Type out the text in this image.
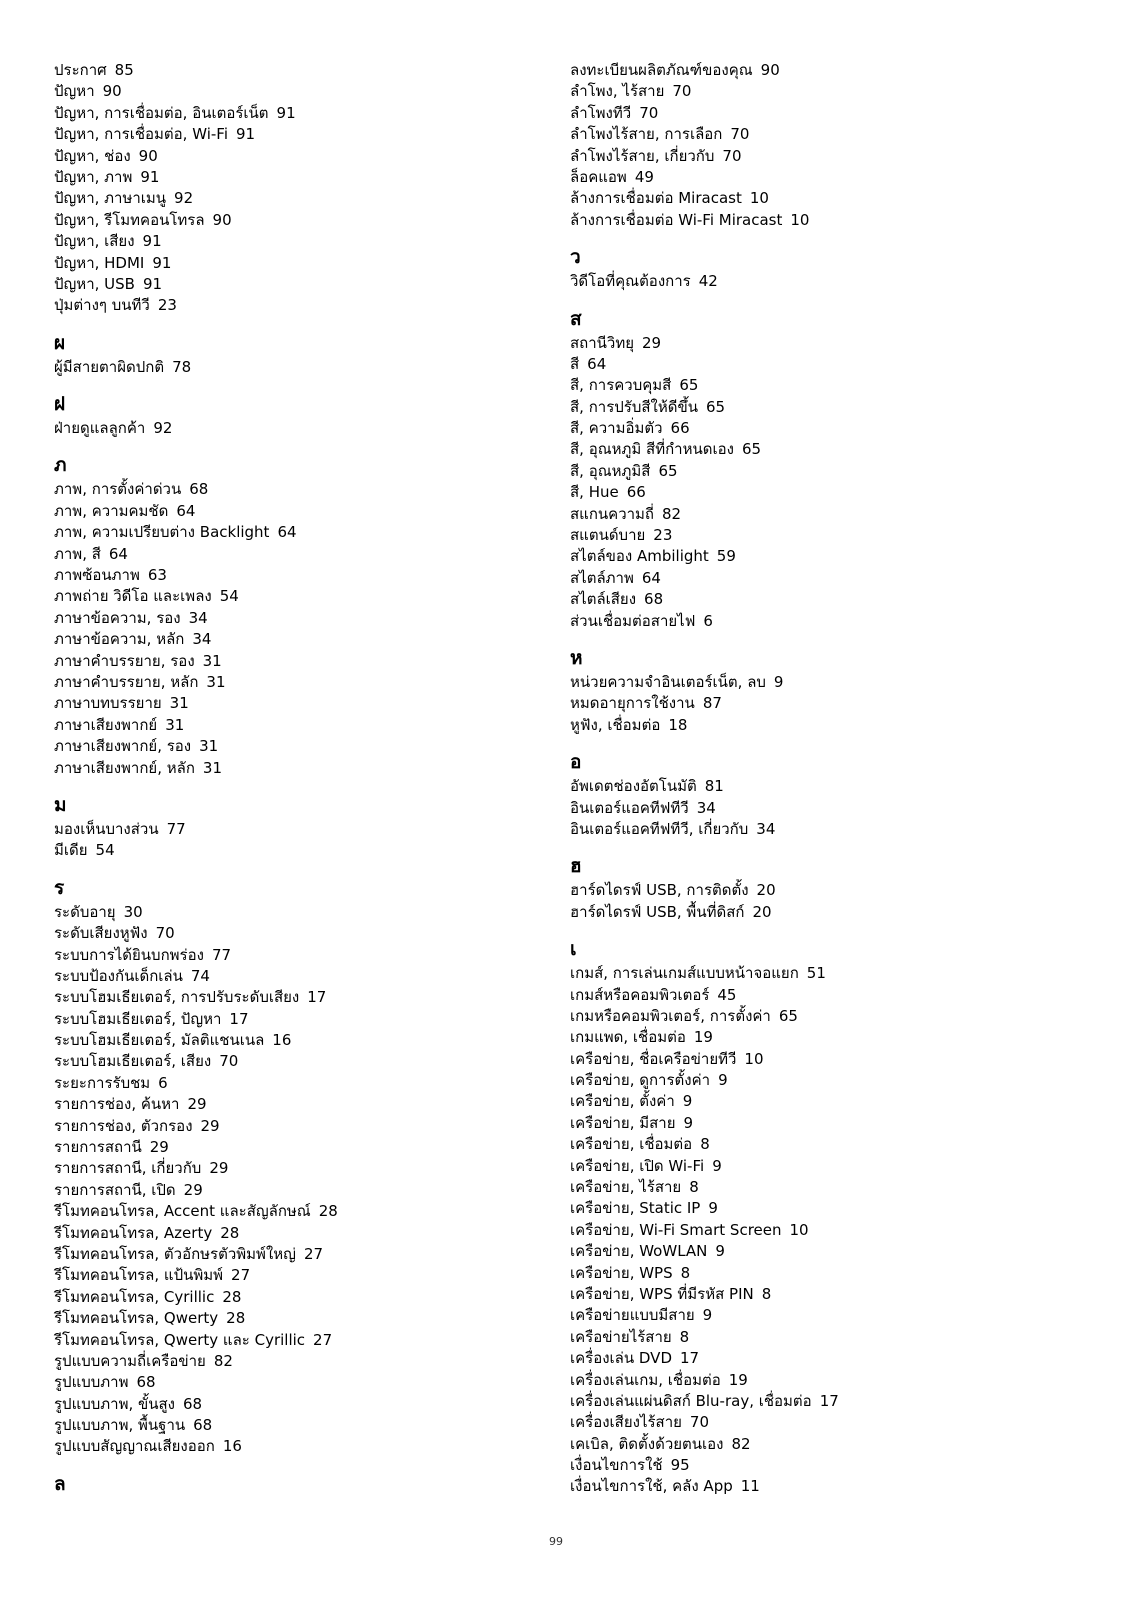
ประกาศ 85
ปัญหา 90
ปัญหา, การเชื่อมต่อ, อินเตอร์เน็ต 91
ปัญหา, การเชื่อมต่อ, Wi-Fi 91
ปัญหา, ช่อง 90
ปัญหา, ภาพ 91
ปัญหา, ภาษาเมนู 92
ปัญหา, รีโมทคอนโทรล 90
ปัญหา, เสียง 91
ปัญหา, HDMI 91
ปัญหา, USB 91
ปุ่มต่างๆ บนทีวี 23
ผ
ผู้มีสายตาผิดปกติ 78
ฝ
ฝ่ายดูแลลูกค้า 92
ภ
ภาพ, การตั้งค่าด่วน 68
ภาพ, ความคมชัด 64
ภาพ, ความเปรียบต่าง Backlight 64
ภาพ, สี 64
ภาพซ้อนภาพ 63
ภาพถ่าย วิดีโอ และเพลง 54
ภาษาข้อความ, รอง 34
ภาษาข้อความ, หลัก 34
ภาษาคำบรรยาย, รอง 31
ภาษาคำบรรยาย, หลัก 31
ภาษาบทบรรยาย 31
ภาษาเสียงพากย์ 31
ภาษาเสียงพากย์, รอง 31
ภาษาเสียงพากย์, หลัก 31
ม
มองเห็นบางส่วน 77
มีเดีย 54
ร
ระดับอายุ 30
ระดับเสียงหูฟัง 70
ระบบการได้ยินบกพร่อง 77
ระบบป้องกันเด็กเล่น 74
ระบบโฮมเธียเตอร์, การปรับระดับเสียง 17
ระบบโฮมเธียเตอร์, ปัญหา 17
ระบบโฮมเธียเตอร์, มัลติแชนเนล 16
ระบบโฮมเธียเตอร์, เสียง 70
ระยะการรับชม 6
รายการช่อง, ค้นหา 29
รายการช่อง, ตัวกรอง 29
รายการสถานี 29
รายการสถานี, เกี่ยวกับ 29
รายการสถานี, เปิด 29
รีโมทคอนโทรล, Accent และสัญลักษณ์ 28
รีโมทคอนโทรล, Azerty 28
รีโมทคอนโทรล, ตัวอักษรตัวพิมพ์ใหญ่ 27
รีโมทคอนโทรล, แป้นพิมพ์ 27
รีโมทคอนโทรล, Cyrillic 28
รีโมทคอนโทรล, Qwerty 28
รีโมทคอนโทรล, Qwerty และ Cyrillic 27
รูปแบบความถี่เครือข่าย 82
รูปแบบภาพ 68
รูปแบบภาพ, ขั้นสูง 68
รูปแบบภาพ, พื้นฐาน 68
รูปแบบสัญญาณเสียงออก 16
ล
ลงทะเบียนผลิตภัณฑ์ของคุณ 90
ลำโพง, ไร้สาย 70
ลำโพงทีวี 70
ลำโพงไร้สาย, การเลือก 70
ลำโพงไร้สาย, เกี่ยวกับ 70
ล็อคแอพ 49
ล้างการเชื่อมต่อ Miracast 10
ล้างการเชื่อมต่อ Wi-Fi Miracast 10
ว
วิดีโอที่คุณต้องการ 42
ส
สถานีวิทยุ 29
สี 64
สี, การควบคุมสี 65
สี, การปรับสีให้ดีขึ้น 65
สี, ความอิ่มตัว 66
สี, อุณหภูมิ สีที่กำหนดเอง 65
สี, อุณหภูมิสี 65
สี, Hue 66
สแกนความถี่ 82
สแตนด์บาย 23
สไตล์ของ Ambilight 59
สไตล์ภาพ 64
สไตล์เสียง 68
ส่วนเชื่อมต่อสายไฟ 6
ห
หน่วยความจำอินเตอร์เน็ต, ลบ 9
หมดอายุการใช้งาน 87
หูฟัง, เชื่อมต่อ 18
อ
อัพเดตช่องอัตโนมัติ 81
อินเตอร์แอคทีฟทีวี 34
อินเตอร์แอคทีฟทีวี, เกี่ยวกับ 34
ฮ
ฮาร์ดไดรฟ์ USB, การติดตั้ง 20
ฮาร์ดไดรฟ์ USB, พื้นที่ดิสก์ 20
เ
เกมส์, การเล่นเกมส์แบบหน้าจอแยก 51
เกมส์หรือคอมพิวเตอร์ 45
เกมหรือคอมพิวเตอร์, การตั้งค่า 65
เกมแพด, เชื่อมต่อ 19
เครือข่าย, ชื่อเครือข่ายทีวี 10
เครือข่าย, ดูการตั้งค่า 9
เครือข่าย, ตั้งค่า 9
เครือข่าย, มีสาย 9
เครือข่าย, เชื่อมต่อ 8
เครือข่าย, เปิด Wi-Fi 9
เครือข่าย, ไร้สาย 8
เครือข่าย, Static IP 9
เครือข่าย, Wi-Fi Smart Screen 10
เครือข่าย, WoWLAN 9
เครือข่าย, WPS 8
เครือข่าย, WPS ที่มีรหัส PIN 8
เครือข่ายแบบมีสาย 9
เครือข่ายไร้สาย 8
เครื่องเล่น DVD 17
เครื่องเล่นเกม, เชื่อมต่อ 19
เครื่องเล่นแผ่นดิสก์ Blu-ray, เชื่อมต่อ 17
เครื่องเสียงไร้สาย 70
เคเบิล, ติดตั้งด้วยตนเอง 82
เงื่อนไขการใช้ 95
เงื่อนไขการใช้, คลัง App 11
99
